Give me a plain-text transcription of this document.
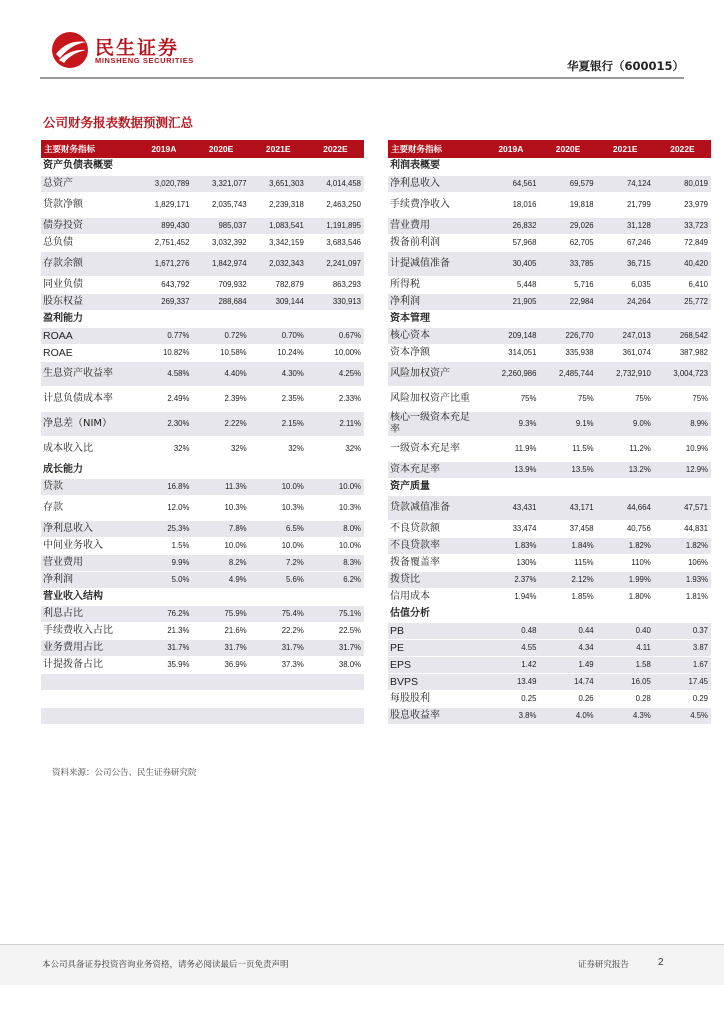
民生证券
MINSHENG SECURITIES	华夏银行（600015）
公司财务报表数据预测汇总
主要财务指标	2019A	2020E	2021E	2022E
资产负债表概要				
总资产	3,020,789	3,321,077	3,651,303	4,014,458
贷款净额	1,829,171	2,035,743	2,239,318	2,463,250
债券投资	899,430	985,037	1,083,541	1,191,895
总负债	2,751,452	3,032,392	3,342,159	3,683,546
存款余额	1,671,276	1,842,974	2,032,343	2,241,097
同业负债	643,792	709,932	782,879	863,293
股东权益	269,337	288,684	309,144	330,913
盈利能力				
ROAA	0.77%	0.72%	0.70%	0.67%
ROAE	10.82%	10.58%	10.24%	10.00%
生息资产收益率	4.58%	4.40%	4.30%	4.25%
计息负债成本率	2.49%	2.39%	2.35%	2.33%
净息差（NIM）	2.30%	2.22%	2.15%	2.11%
成本收入比	32%	32%	32%	32%
成长能力				
贷款	16.8%	11.3%	10.0%	10.0%
存款	12.0%	10.3%	10.3%	10.3%
净利息收入	25.3%	7.8%	6.5%	8.0%
中间业务收入	1.5%	10.0%	10.0%	10.0%
营业费用	9.9%	8.2%	7.2%	8.3%
净利润	5.0%	4.9%	5.6%	6.2%
营业收入结构				
利息占比	76.2%	75.9%	75.4%	75.1%
手续费收入占比	21.3%	21.6%	22.2%	22.5%
业务费用占比	31.7%	31.7%	31.7%	31.7%
计提拨备占比	35.9%	36.9%	37.3%	38.0%

主要财务指标	2019A	2020E	2021E	2022E
利润表概要				
净利息收入	64,561	69,579	74,124	80,019
手续费净收入	18,016	19,818	21,799	23,979
营业费用	26,832	29,026	31,128	33,723
拨备前利润	57,968	62,705	67,246	72,849
计提减值准备	30,405	33,785	36,715	40,420
所得税	5,448	5,716	6,035	6,410
净利润	21,905	22,984	24,264	25,772
资本管理				
核心资本	209,148	226,770	247,013	268,542
资本净额	314,051	335,938	361,074	387,982
风险加权资产	2,260,986	2,485,744	2,732,910	3,004,723
风险加权资产比重	75%	75%	75%	75%
核心一级资本充足率	9.3%	9.1%	9.0%	8.9%
一级资本充足率	11.9%	11.5%	11.2%	10.9%
资本充足率	13.9%	13.5%	13.2%	12.9%
资产质量				
贷款减值准备	43,431	43,171	44,664	47,571
不良贷款额	33,474	37,458	40,756	44,831
不良贷款率	1.83%	1.84%	1.82%	1.82%
拨备覆盖率	130%	115%	110%	106%
拨贷比	2.37%	2.12%	1.99%	1.93%
信用成本	1.94%	1.85%	1.80%	1.81%
估值分析				
PB	0.48	0.44	0.40	0.37
PE	4.55	4.34	4.11	3.87
EPS	1.42	1.49	1.58	1.67
BVPS	13.49	14.74	16.05	17.45
每股股利	0.25	0.26	0.28	0.29
股息收益率	3.8%	4.0%	4.3%	4.5%
资料来源：公司公告、民生证券研究院
本公司具备证券投资咨询业务资格，请务必阅读最后一页免责声明	证券研究报告	2
